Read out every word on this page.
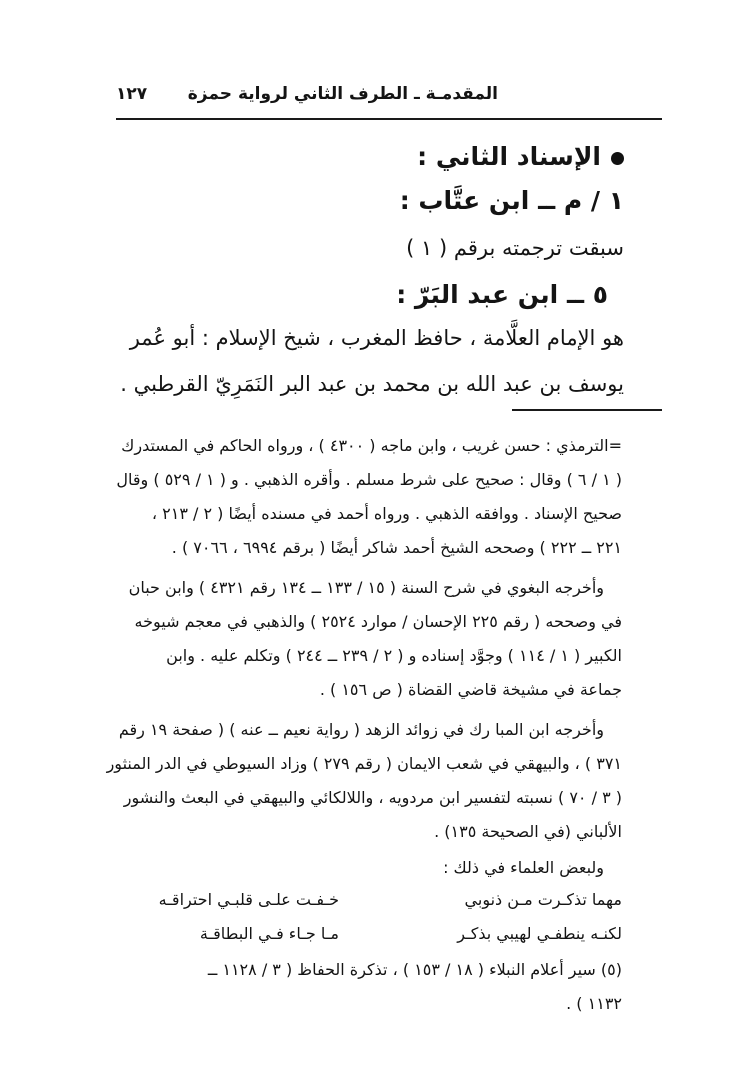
المقدمـة ـ الطرف الثاني لرواية حمزة
١٢٧
الإسناد الثاني :
١ / م ــ ابن عتَّاب :
سبقت ترجمته برقم ( ١ )
٥ ــ ابن عبد البَرّ :
هو الإمام العلَّامة ، حافظ المغرب ، شيخ الإسلام : أبو عُمر
يوسف بن عبد الله بن محمد بن عبد البر النَمَرِيّ القرطبي .
=الترمذي : حسن غريب ، وابن ماجه ( ٤٣٠٠ ) ، ورواه الحاكم في المستدرك
( ١ / ٦ ) وقال : صحيح على شرط مسلم . وأقره الذهبي . و ( ١ / ٥٢٩ ) وقال
صحيح الإسناد . ووافقه الذهبي . ورواه أحمد في مسنده أيضًا ( ٢ / ٢١٣ ،
٢٢١ ــ ٢٢٢ ) وصححه الشيخ أحمد شاكر أيضًا ( برقم ٦٩٩٤ ، ٧٠٦٦ ) .
وأخرجه البغوي في شرح السنة ( ١٥ / ١٣٣ ــ ١٣٤ رقم ٤٣٢١ ) وابن حبان
في وصححه ( رقم ٢٢٥ الإحسان / موارد ٢٥٢٤ ) والذهبي في معجم شيوخه
الكبير ( ١ / ١١٤ ) وجوَّد إسناده و ( ٢ / ٢٣٩ ــ ٢٤٤ ) وتكلم عليه . وابن
جماعة في مشيخة قاضي القضاة ( ص ١٥٦ ) .
وأخرجه ابن المبا رك في زوائد الزهد ( رواية نعيم ــ عنه ) ( صفحة ١٩ رقم
٣٧١ ) ، والبيهقي في شعب الايمان ( رقم ٢٧٩ ) وزاد السيوطي في الدر المنثور
( ٣ / ٧٠ ) نسبته لتفسير ابن مردويه ، واللالكائي والبيهقي في البعث والنشور
الألباني (في الصحيحة ١٣٥) .
ولبعض العلماء في ذلك :
مهما تذكـرت مـن ذنوبي
خـفـت علـى قلبـي احتراقـه
لكنـه ينطفـي لهيبي بذكـر
مـا جـاء فـي البطاقـة
(٥) سير أعلام النبلاء ( ١٨ / ١٥٣ ) ، تذكرة الحفاظ ( ٣ / ١١٢٨ ــ
١١٣٢ ) .
